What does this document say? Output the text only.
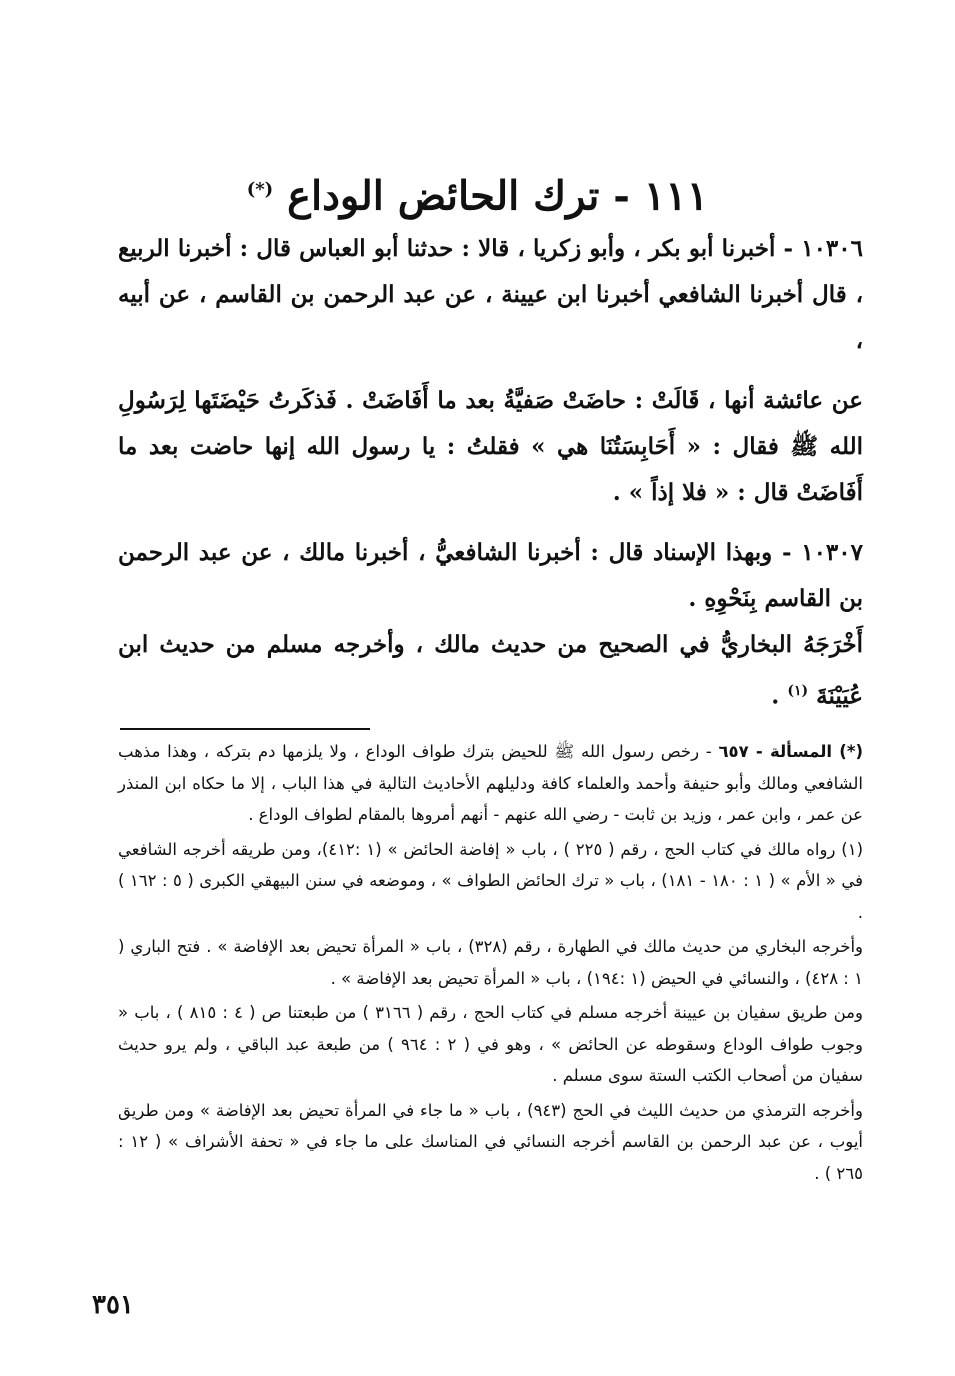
١١١ - ترك الحائض الوداع (*)

١٠٣٠٦ - أخبرنا أبو بكر ، وأبو زكريا ، قالا : حدثنا أبو العباس قال : أخبرنا الربيع ، قال أخبرنا الشافعي أخبرنا ابن عيينة ، عن عبد الرحمن بن القاسم ، عن أبيه ،

عن عائشة أنها ، قَالَتْ : حاضَتْ صَفيَّةُ بعد ما أَفَاضَتْ . فَذكَرتُ حَيْضَتَها لِرَسُولِ الله ﷺ فقال : « أَحَابِسَتُنَا هي » فقلتُ : يا رسول الله إنها حاضت بعد ما أَفَاضَتْ قال : « فلا إذاً » .

١٠٣٠٧ - وبهذا الإسناد قال : أخبرنا الشافعيُّ ، أخبرنا مالك ، عن عبد الرحمن بن القاسم بِنَحْوِهِ .

أَخْرَجَهُ البخاريُّ في الصحيح من حديث مالك ، وأخرجه مسلم من حديث ابن عُيَيْنَةَ $^{(١)}$ .

(*) المسألة - ٦٥٧ - رخص رسول الله ﷺ للحيض بترك طواف الوداع ، ولا يلزمها دم بتركه ، وهذا مذهب الشافعي ومالك وأبو حنيفة وأحمد والعلماء كافة ودليلهم الأحاديث التالية في هذا الباب ، إلا ما حكاه ابن المنذر عن عمر ، وابن عمر ، وزيد بن ثابت - رضي الله عنهم - أنهم أمروها بالمقام لطواف الوداع .

(١) رواه مالك في كتاب الحج ، رقم ( ٢٢٥ ) ، باب « إفاضة الحائض » (١ :٤١٢)، ومن طريقه أخرجه الشافعي في « الأم » ( ١ : ١٨٠ - ١٨١) ، باب « ترك الحائض الطواف » ، وموضعه في سنن البيهقي الكبرى ( ٥ : ١٦٢ ) .

وأخرجه البخاري من حديث مالك في الطهارة ، رقم (٣٢٨) ، باب « المرأة تحيض بعد الإفاضة » . فتح الباري ( ١ : ٤٢٨) ، والنسائي في الحيض (١ :١٩٤) ، باب « المرأة تحيض بعد الإفاضة » .

ومن طريق سفيان بن عيينة أخرجه مسلم في كتاب الحج ، رقم ( ٣١٦٦ ) من طبعتنا ص ( ٤ : ٨١٥ ) ، باب « وجوب طواف الوداع وسقوطه عن الحائض » ، وهو في ( ٢ : ٩٦٤ ) من طبعة عبد الباقي ، ولم يرو حديث سفيان من أصحاب الكتب الستة سوى مسلم .

وأخرجه الترمذي من حديث الليث في الحج (٩٤٣) ، باب « ما جاء في المرأة تحيض بعد الإفاضة » ومن طريق أيوب ، عن عبد الرحمن بن القاسم أخرجه النسائي في المناسك على ما جاء في « تحفة الأشراف » ( ١٢ : ٢٦٥ ) .

٣٥١
